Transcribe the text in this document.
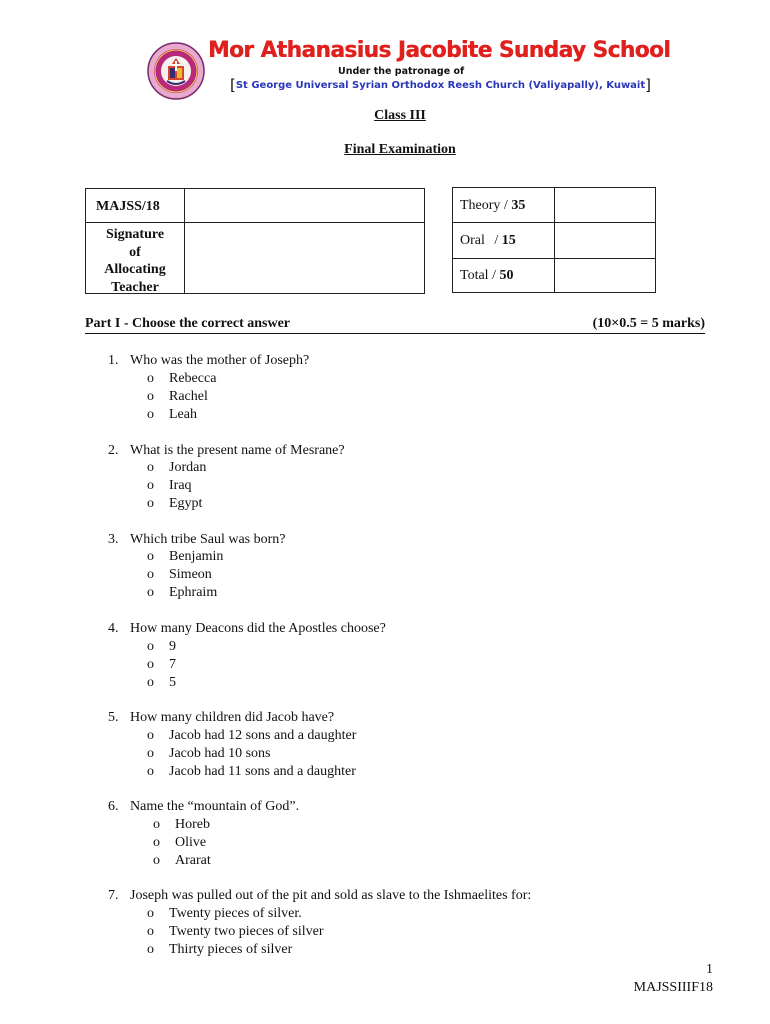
Mor Athanasius Jacobite Sunday School
Under the patronage of
[St George Universal Syrian Orthodox Reesh Church (Valiyapally), Kuwait]
Class III
Final Examination
MAJSS/18
Signature
of
Allocating
Teacher
Theory / 35
Oral / 15
Total / 50
Part I - Choose the correct answer	(10×0.5 = 5 marks)
1. Who was the mother of Joseph?
o Rebecca
o Rachel
o Leah
2. What is the present name of Mesrane?
o Jordan
o Iraq
o Egypt
3. Which tribe Saul was born?
o Benjamin
o Simeon
o Ephraim
4. How many Deacons did the Apostles choose?
o 9
o 7
o 5
5. How many children did Jacob have?
o Jacob had 12 sons and a daughter
o Jacob had 10 sons
o Jacob had 11 sons and a daughter
6. Name the “mountain of God”.
o Horeb
o Olive
o Ararat
7. Joseph was pulled out of the pit and sold as slave to the Ishmaelites for:
o Twenty pieces of silver.
o Twenty two pieces of silver
o Thirty pieces of silver
1
MAJSSIIIF18
